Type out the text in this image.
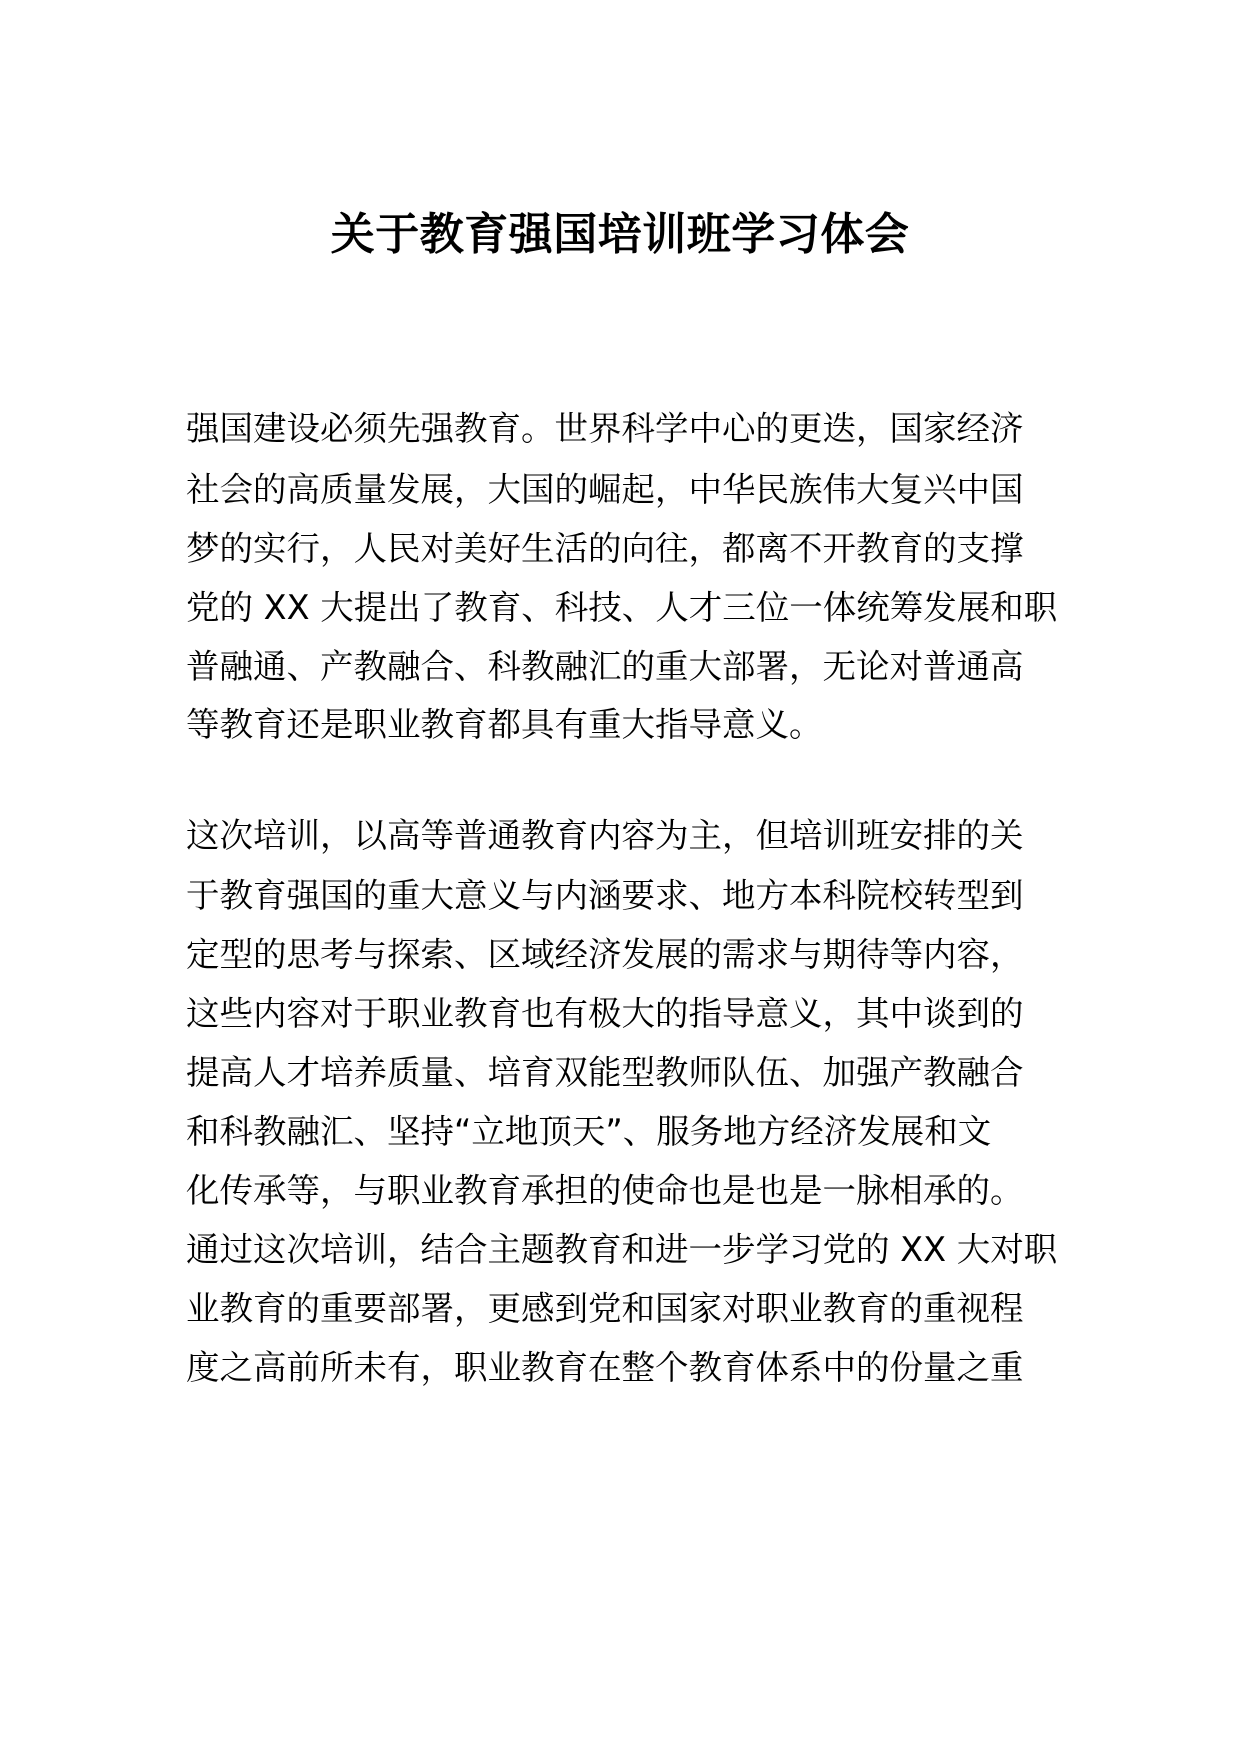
关于教育强国培训班学习体会
强国建设必须先强教育。世界科学中心的更迭，国家经济
社会的高质量发展，大国的崛起，中华民族伟大复兴中国
梦的实行，人民对美好生活的向往，都离不开教育的支撑
党的 XX 大提出了教育、科技、人才三位一体统筹发展和职
普融通、产教融合、科教融汇的重大部署，无论对普通高
等教育还是职业教育都具有重大指导意义。
这次培训，以高等普通教育内容为主，但培训班安排的关
于教育强国的重大意义与内涵要求、地方本科院校转型到
定型的思考与探索、区域经济发展的需求与期待等内容，
这些内容对于职业教育也有极大的指导意义，其中谈到的
提高人才培养质量、培育双能型教师队伍、加强产教融合
和科教融汇、坚持“立地顶天”、服务地方经济发展和文
化传承等，与职业教育承担的使命也是也是一脉相承的。
通过这次培训，结合主题教育和进一步学习党的 XX 大对职
业教育的重要部署，更感到党和国家对职业教育的重视程
度之高前所未有，职业教育在整个教育体系中的份量之重
